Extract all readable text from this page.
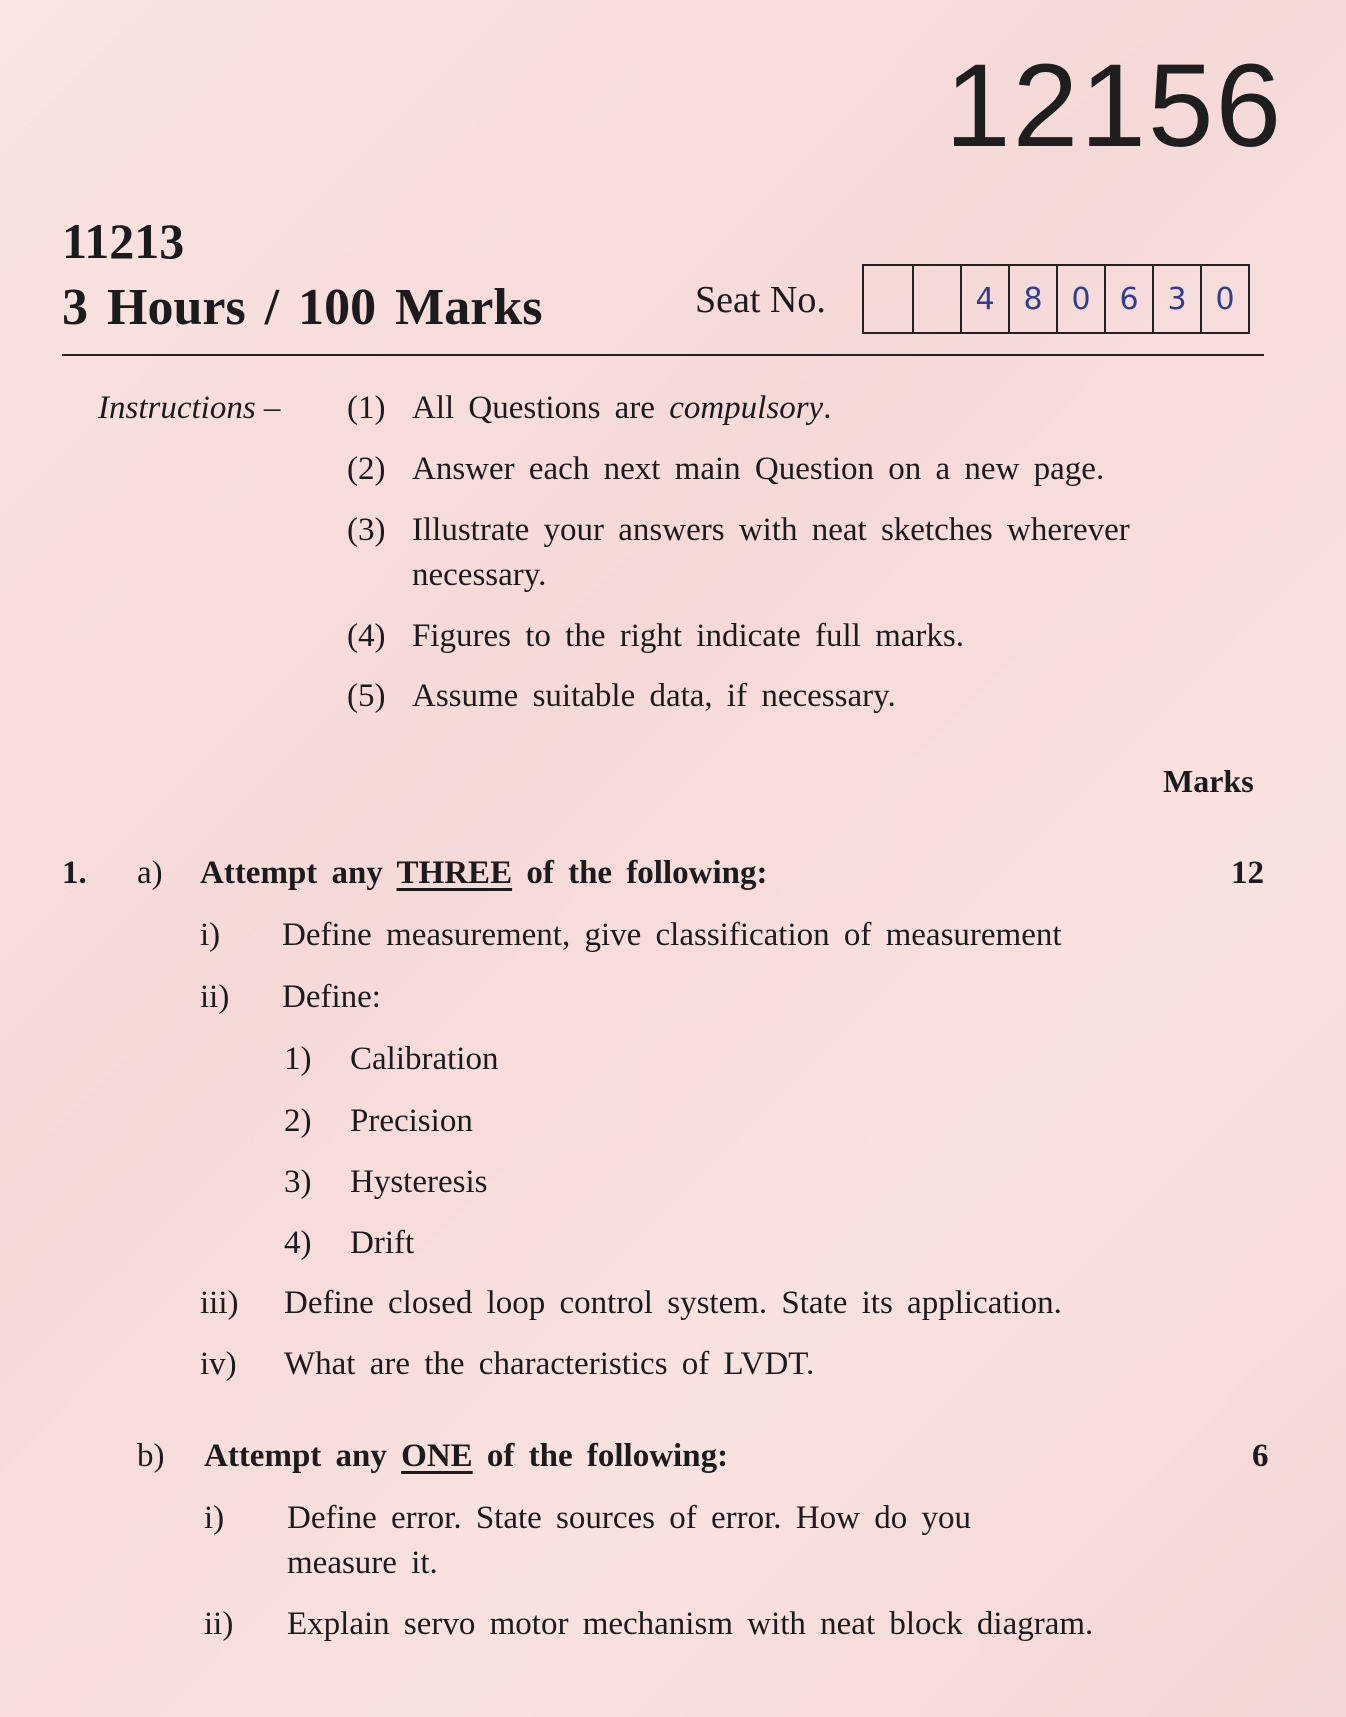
12156
11213
3 Hours / 100 Marks	Seat No.	4 8 0 6 3 0
Instructions – (1) All Questions are compulsory.
(2) Answer each next main Question on a new page.
(3) Illustrate your answers with neat sketches wherever
necessary.
(4) Figures to the right indicate full marks.
(5) Assume suitable data, if necessary.
Marks
1. a) Attempt any THREE of the following:	12
i) Define measurement, give classification of measurement
ii) Define:
1) Calibration
2) Precision
3) Hysteresis
4) Drift
iii) Define closed loop control system. State its application.
iv) What are the characteristics of LVDT.
b) Attempt any ONE of the following:	6
i) Define error. State sources of error. How do you
measure it.
ii) Explain servo motor mechanism with neat block diagram.
